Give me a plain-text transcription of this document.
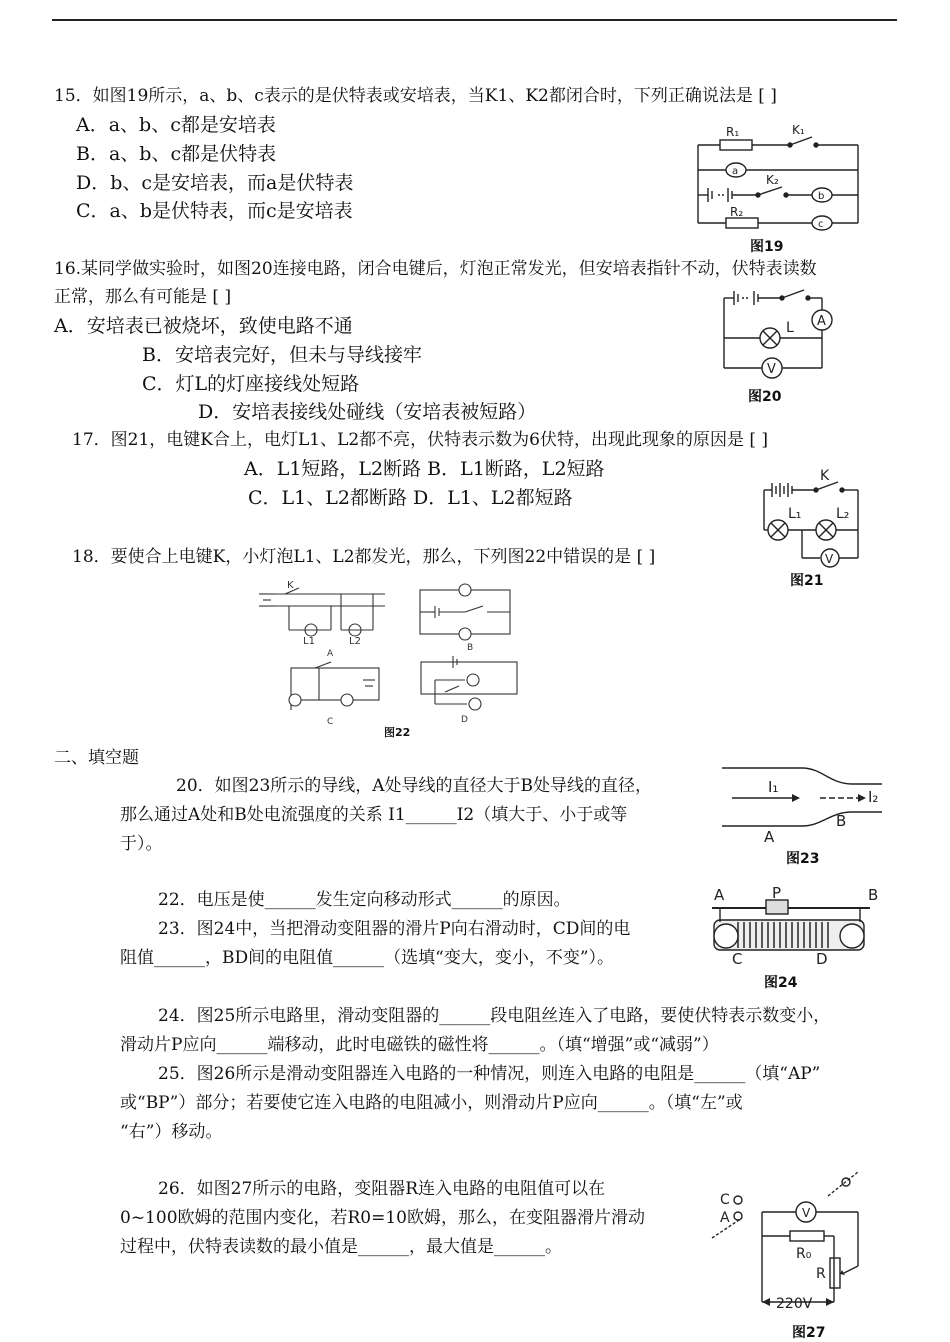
15．如图19所示，a、b、c表示的是伏特表或安培表，当K1、K2都闭合时，下列正确说法是 [ ]
A．a、b、c都是安培表
B．a、b、c都是伏特表
D．b、c是安培表，而a是伏特表
C．a、b是伏特表，而c是安培表
R₁	K₁
a
K₂
b
R₂
c
图19
16.某同学做实验时，如图20连接电路，闭合电键后，灯泡正常发光，但安培表指针不动，伏特表读数
正常，那么有可能是 [ ]
A．安培表已被烧坏，致使电路不通
B．安培表完好，但未与导线接牢
C．灯L的灯座接线处短路
D．安培表接线处碰线（安培表被短路）
L A
V
图20
17．图21，电键K合上，电灯L1、L2都不亮，伏特表示数为6伏特，出现此现象的原因是 [ ]
A．L1短路，L2断路 B．L1断路，L2短路
C．L1、L2都断路 D．L1、L2都短路
K
L₁ L₂
V
图21
18．要使合上电键K，小灯泡L1、L2都发光，那么，下列图22中错误的是 [ ]
K
L1	L2
A
B
C	D
图22
二、填空题
20．如图23所示的导线，A处导线的直径大于B处导线的直径，
那么通过A处和B处电流强度的关系 I1______I2（填大于、小于或等
于）。
I₁
I₂
A
B
图23
22．电压是使______发生定向移动形式______的原因。
23．图24中，当把滑动变阻器的滑片P向右滑动时，CD间的电
阻值______，BD间的电阻值______（选填“变大，变小，不变”）。
A	P	B
C	D
图24
24．图25所示电路里，滑动变阻器的______段电阻丝连入了电路，要使伏特表示数变小，
滑动片P应向______端移动，此时电磁铁的磁性将______。（填“增强”或“减弱”）
25．图26所示是滑动变阻器连入电路的一种情况，则连入电路的电阻是______（填“AP”
或“BP”）部分；若要使它连入电路的电阻减小，则滑动片P应向______。（填“左”或
“右”）移动。
26．如图27所示的电路，变阻器R连入电路的电阻值可以在
0~100欧姆的范围内变化，若R0=10欧姆，那么，在变阻器滑片滑动
过程中，伏特表读数的最小值是______，最大值是______。
C
A	V
R₀
R
220V
图27
